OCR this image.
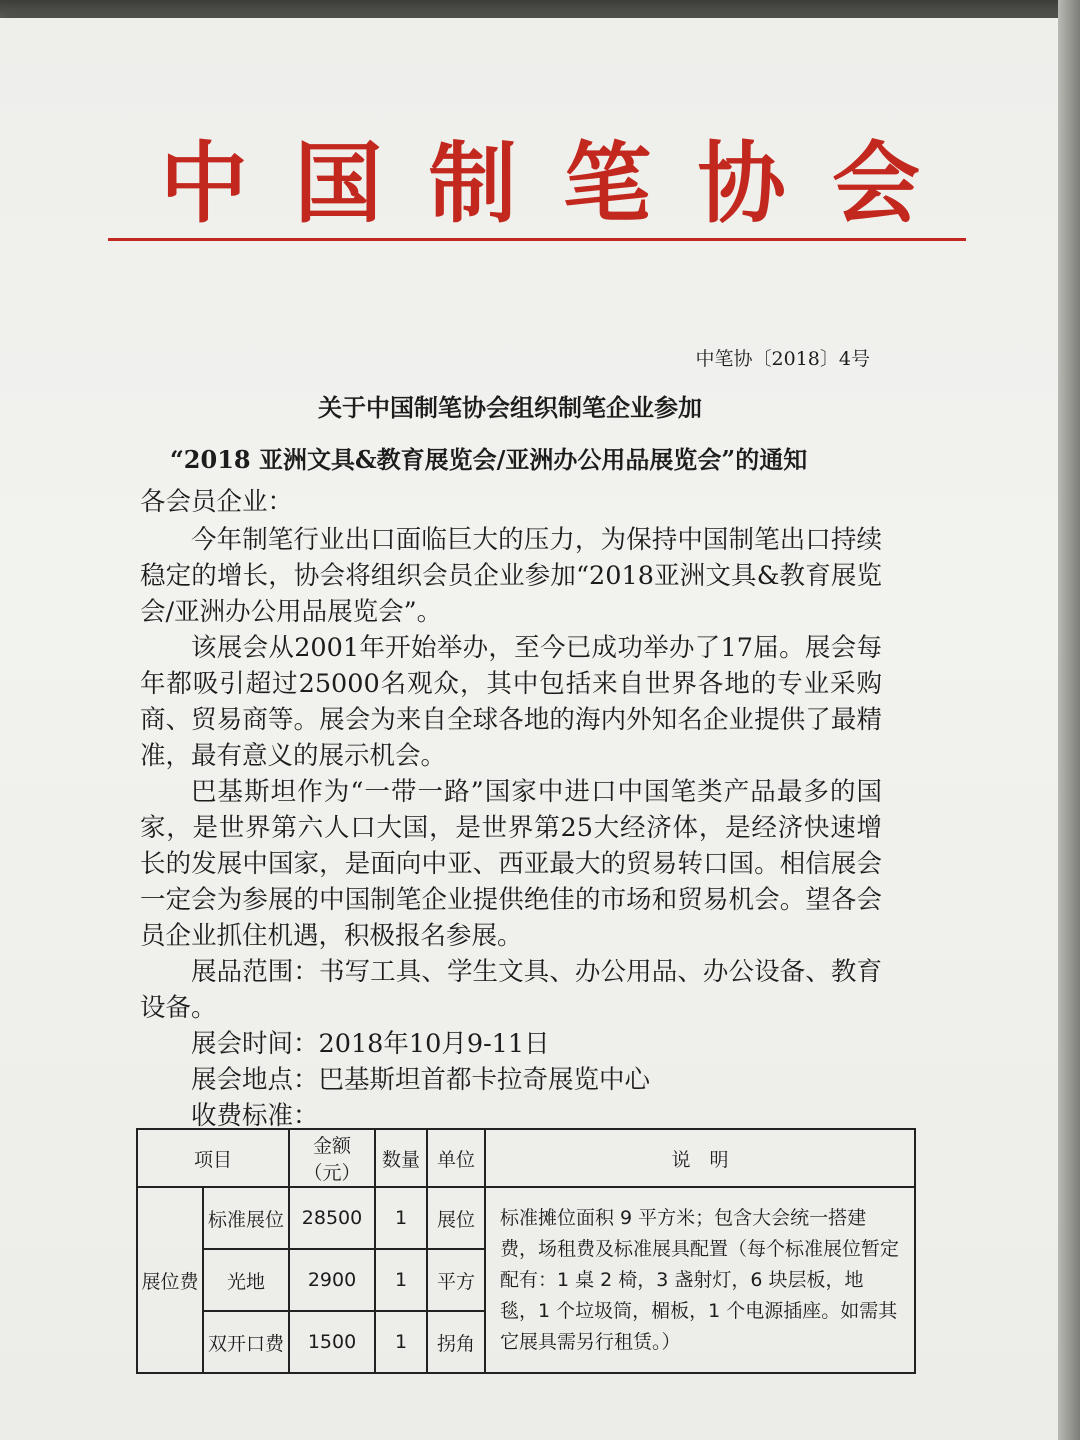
中 国 制 笔 协 会
中笔协〔2018〕4号
关于中国制笔协会组织制笔企业参加
“2018 亚洲文具&教育展览会/亚洲办公用品展览会”的通知

各会员企业：

今年制笔行业出口面临巨大的压力，为保持中国制笔出口持续稳定的增长，协会将组织会员企业参加“2018亚洲文具&教育展览会/亚洲办公用品展览会”。

该展会从2001年开始举办，至今已成功举办了17届。展会每年都吸引超过25000名观众，其中包括来自世界各地的专业采购商、贸易商等。展会为来自全球各地的海内外知名企业提供了最精准，最有意义的展示机会。

巴基斯坦作为“一带一路”国家中进口中国笔类产品最多的国家，是世界第六人口大国，是世界第25大经济体，是经济快速增长的发展中国家，是面向中亚、西亚最大的贸易转口国。相信展会一定会为参展的中国制笔企业提供绝佳的市场和贸易机会。望各会员企业抓住机遇，积极报名参展。

展品范围：书写工具、学生文具、办公用品、办公设备、教育设备。

展会时间：2018年10月9-11日

展会地点：巴基斯坦首都卡拉奇展览中心

收费标准：

项目		金额（元）	数量	单位	说　明
展位费	标准展位	28500	1	展位	标准摊位面积 9 平方米；包含大会统一搭建费，场租费及标准展具配置（每个标准展位暂定配有：1 桌 2 椅，3 盏射灯，6 块层板，地毯，1 个垃圾筒，楣板，1 个电源插座。如需其它展具需另行租赁。）
	光地	2900	1	平方	
	双开口费	1500	1	拐角	
